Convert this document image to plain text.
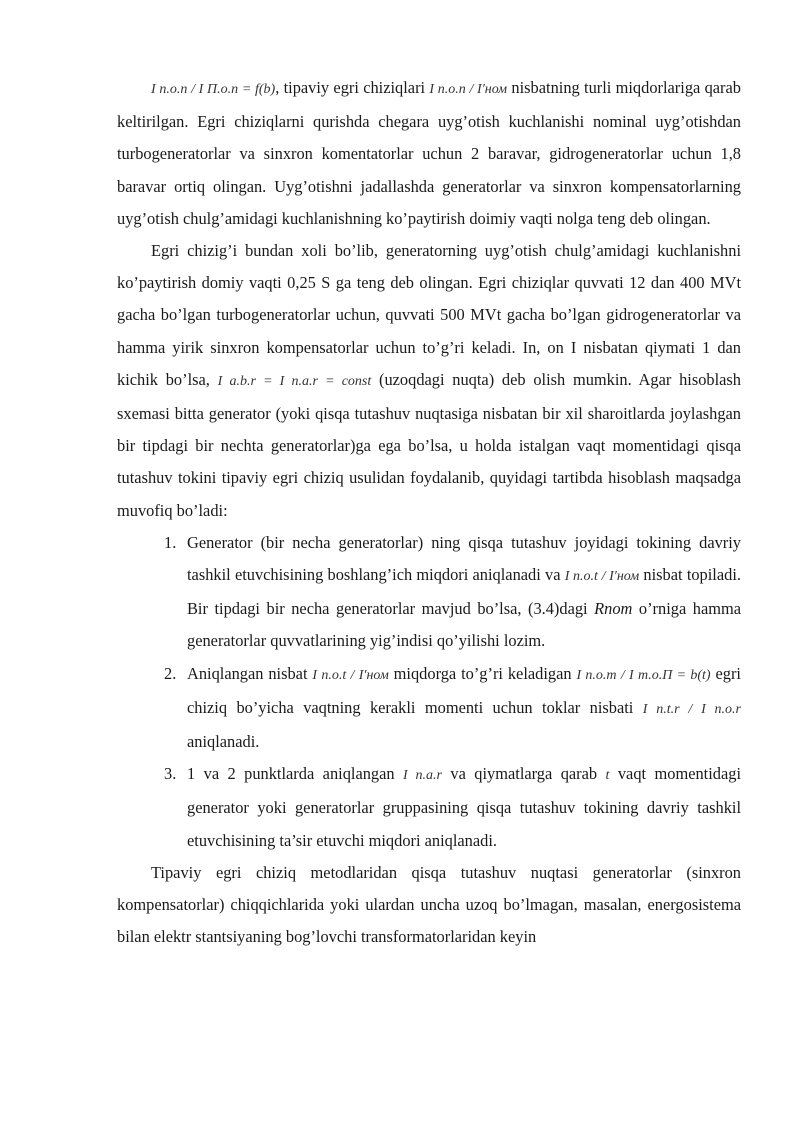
I п.о.п / I П.о.п = f(b), tipaviy egri chiziqlari I п.о.п / I′ном nisbatning turli miqdorlariga qarab keltirilgan. Egri chiziqlarni qurishda chegara uyg’otish kuchlanishi nominal uyg’otishdan turbogeneratorlar va sinxron komentatorlar uchun 2 baravar, gidrogeneratorlar uchun 1,8 baravar ortiq olingan. Uyg’otishni jadallashda generatorlar va sinxron kompensatorlarning uyg’otish chulg’amidagi kuchlanishning ko’paytirish doimiy vaqti nolga teng deb olingan.

Egri chizig’i bundan xoli bo’lib, generatorning uyg’otish chulg’amidagi kuchlanishni ko’paytirish domiy vaqti 0,25 S ga teng deb olingan. Egri chiziqlar quvvati 12 dan 400 MVt gacha bo’lgan turbogeneratorlar uchun, quvvati 500 MVt gacha bo’lgan gidrogeneratorlar va hamma yirik sinxron kompensatorlar uchun to’g’ri keladi. In, on I nisbatan qiymati 1 dan kichik bo’lsa, I a.b.r = I n.a.r = const (uzoqdagi nuqta) deb olish mumkin. Agar hisoblash sxemasi bitta generator (yoki qisqa tutashuv nuqtasiga nisbatan bir xil sharoitlarda joylashgan bir tipdagi bir nechta generatorlar)ga ega bo’lsa, u holda istalgan vaqt momentidagi qisqa tutashuv tokini tipaviy egri chiziq usulidan foydalanib, quyidagi tartibda hisoblash maqsadga muvofiq bo’ladi:

1. Generator (bir necha generatorlar) ning qisqa tutashuv joyidagi tokining davriy tashkil etuvchisining boshlang’ich miqdori aniqlanadi va I n.o.t / I′ном nisbat topiladi. Bir tipdagi bir necha generatorlar mavjud bo’lsa, (3.4)dagi Rnom o’rniga hamma generatorlar quvvatlarining yig’indisi qo’yilishi lozim.
2. Aniqlangan nisbat I n.o.t / I′ном miqdorga to’g’ri keladigan I п.о.т / I т.о.П = b(t) egri chiziq bo’yicha vaqtning kerakli momenti uchun toklar nisbati I n.t.r / I n.o.r aniqlanadi.
3. 1 va 2 punktlarda aniqlangan I n.a.r va qiymatlarga qarab t vaqt momentidagi generator yoki generatorlar gruppasining qisqa tutashuv tokining davriy tashkil etuvchisining ta’sir etuvchi miqdori aniqlanadi.

Tipaviy egri chiziq metodlaridan qisqa tutashuv nuqtasi generatorlar (sinxron kompensatorlar) chiqqichlarida yoki ulardan uncha uzoq bo’lmagan, masalan, energosistema bilan elektr stantsiyaning bog’lovchi transformatorlaridan keyin
